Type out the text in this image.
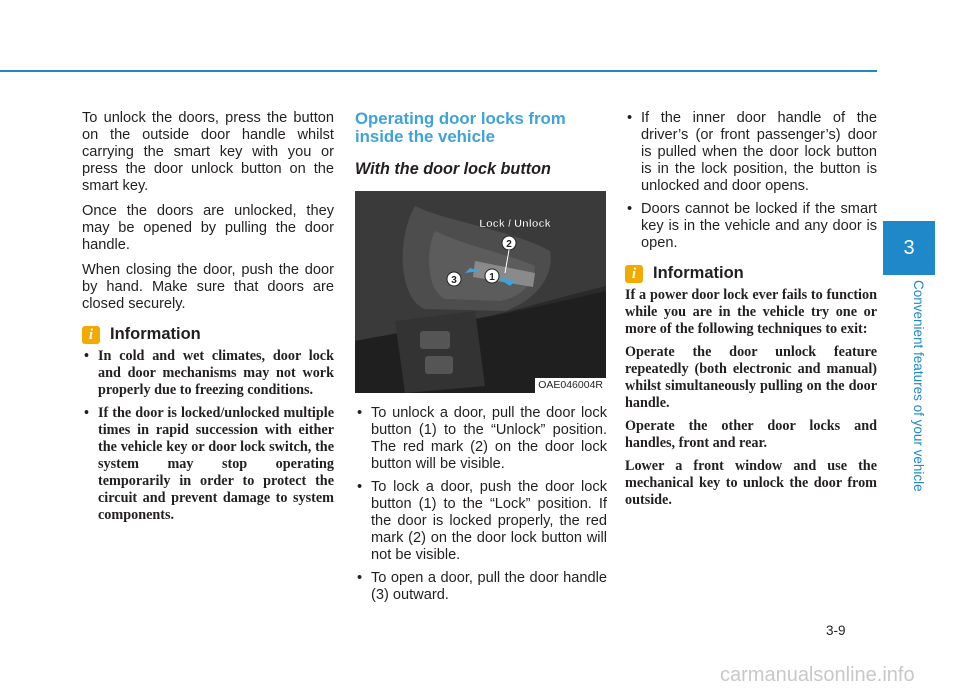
To unlock the doors, press the button on the outside door handle whilst carrying the smart key with you or press the door unlock button on the smart key.

Once the doors are unlocked, they may be opened by pulling the door handle.

When closing the door, push the door by hand. Make sure that doors are closed securely.

i	Information
• In cold and wet climates, door lock and door mechanisms may not work properly due to freezing conditions.
• If the door is locked/unlocked multiple times in rapid succession with either the vehicle key or door lock switch, the system may stop operating temporarily in order to protect the circuit and prevent damage to system components.
Operating door locks from inside the vehicle
With the door lock button
1
2
3
Lock / Unlock
OAE046004R
• To unlock a door, pull the door lock button (1) to the “Unlock” position. The red mark (2) on the door lock button will be visible.
• To lock a door, push the door lock button (1) to the “Lock” position. If the door is locked properly, the red mark (2) on the door lock button will not be visible.
• To open a door, pull the door handle (3) outward.
• If the inner door handle of the driver’s (or front passenger’s) door is pulled when the door lock button is in the lock position, the button is unlocked and door opens.
• Doors cannot be locked if the smart key is in the vehicle and any door is open.
i	Information

If a power door lock ever fails to function while you are in the vehicle try one or more of the following techniques to exit:

Operate the door unlock feature repeatedly (both electronic and manual) whilst simultaneously pulling on the door handle.

Operate the other door locks and handles, front and rear.

Lower a front window and use the mechanical key to unlock the door from outside.

3
Convenient features of your vehicle
3-9
carmanualsonline.info
